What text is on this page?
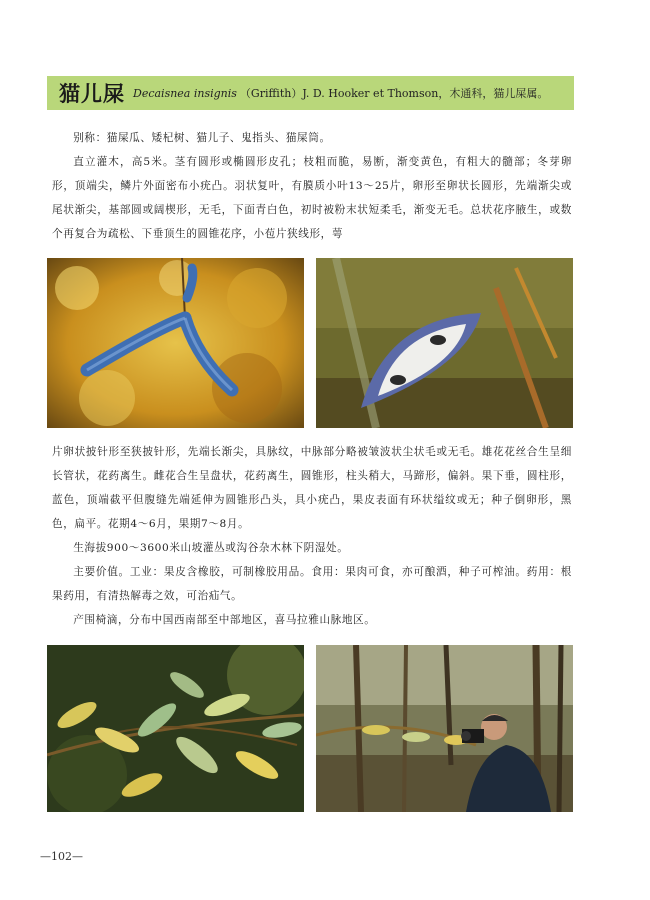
猫儿屎 Decaisnea insignis （Griffith）J. D. Hooker et Thomson， 木通科，猫儿屎属。

别称：猫屎瓜、矮杞树、猫儿子、鬼指头、猫屎筒。

直立灌木，高5米。茎有圆形或椭圆形皮孔；枝粗而脆，易断，渐变黄色，有粗大的髓部；冬芽卵形，顶端尖，鳞片外面密布小疣凸。羽状复叶，有膜质小叶13～25片，卵形至卵状长圆形，先端渐尖或尾状渐尖，基部圆或阔楔形，无毛，下面青白色，初时被粉末状短柔毛，渐变无毛。总状花序腋生，或数个再复合为疏松、下垂顶生的圆锥花序，小苞片狭线形，萼

片卵状披针形至狭披针形，先端长渐尖，具脉纹，中脉部分略被皱波状尘状毛或无毛。雄花花丝合生呈细长管状，花药离生。雌花合生呈盘状，花药离生，圆锥形，柱头稍大，马蹄形，偏斜。果下垂，圆柱形，蓝色，顶端截平但腹缝先端延伸为圆锥形凸头，具小疣凸，果皮表面有环状缢纹或无；种子倒卵形，黑色，扁平。花期4～6月，果期7～8月。

生海拔900～3600米山坡灌丛或沟谷杂木林下阴湿处。

主要价值。工业：果皮含橡胶，可制橡胶用品。食用：果肉可食，亦可酿酒，种子可榨油。药用：根果药用，有清热解毒之效，可治疝气。

产围椅滴，分布中国西南部至中部地区，喜马拉雅山脉地区。

—102—
